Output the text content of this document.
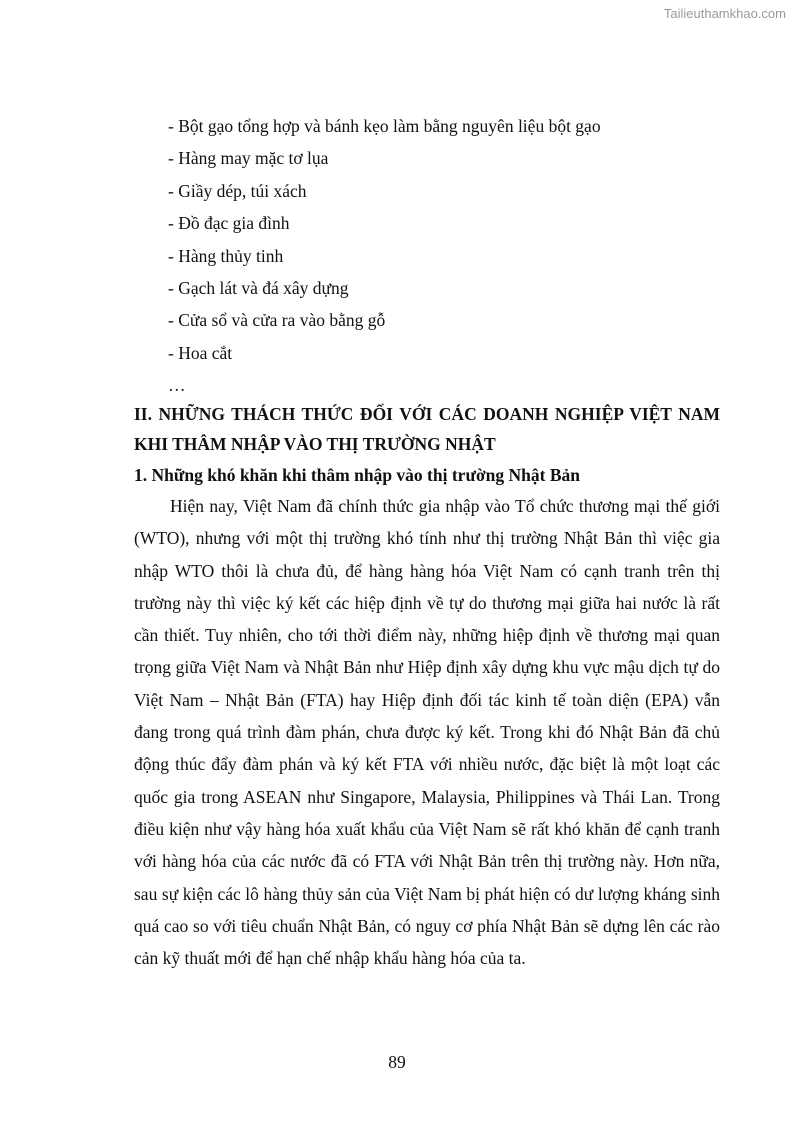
Tailieuthamkhao.com
- Bột gạo tổng hợp và bánh kẹo làm bằng nguyên liệu bột gạo
- Hàng may mặc tơ lụa
- Giầy dép, túi xách
- Đồ đạc gia đình
- Hàng thủy tinh
- Gạch lát và đá xây dựng
- Cửa sổ và cửa ra vào bằng gỗ
- Hoa cắt
…
II. NHỮNG THÁCH THỨC ĐỐI VỚI CÁC DOANH NGHIỆP VIỆT NAM
KHI THÂM NHẬP VÀO THỊ TRƯỜNG NHẬT
1. Những khó khăn khi thâm nhập vào thị trường Nhật Bản

Hiện nay, Việt Nam đã chính thức gia nhập vào Tổ chức thương mại thế giới (WTO), nhưng với một thị trường khó tính như thị trường Nhật Bản thì việc gia nhập WTO thôi là chưa đủ, để hàng hàng hóa Việt Nam có cạnh tranh trên thị trường này thì việc ký kết các hiệp định về tự do thương mại giữa hai nước là rất cần thiết. Tuy nhiên, cho tới thời điểm này, những hiệp định về thương mại quan trọng giữa Việt Nam và Nhật Bản như Hiệp định xây dựng khu vực mậu dịch tự do Việt Nam – Nhật Bản (FTA) hay Hiệp định đối tác kinh tế toàn diện (EPA) vẫn đang trong quá trình đàm phán, chưa được ký kết. Trong khi đó Nhật Bản đã chủ động thúc đẩy đàm phán và ký kết FTA với nhiều nước, đặc biệt là một loạt các quốc gia trong ASEAN như Singapore, Malaysia, Philippines và Thái Lan. Trong điều kiện như vậy hàng hóa xuất khẩu của Việt Nam sẽ rất khó khăn để cạnh tranh với hàng hóa của các nước đã có FTA với Nhật Bản trên thị trường này. Hơn nữa, sau sự kiện các lô hàng thủy sản của Việt Nam bị phát hiện có dư lượng kháng sinh quá cao so với tiêu chuẩn Nhật Bản, có nguy cơ phía Nhật Bản sẽ dựng lên các rào cản kỹ thuất mới để hạn chế nhập khẩu hàng hóa của ta.

89
